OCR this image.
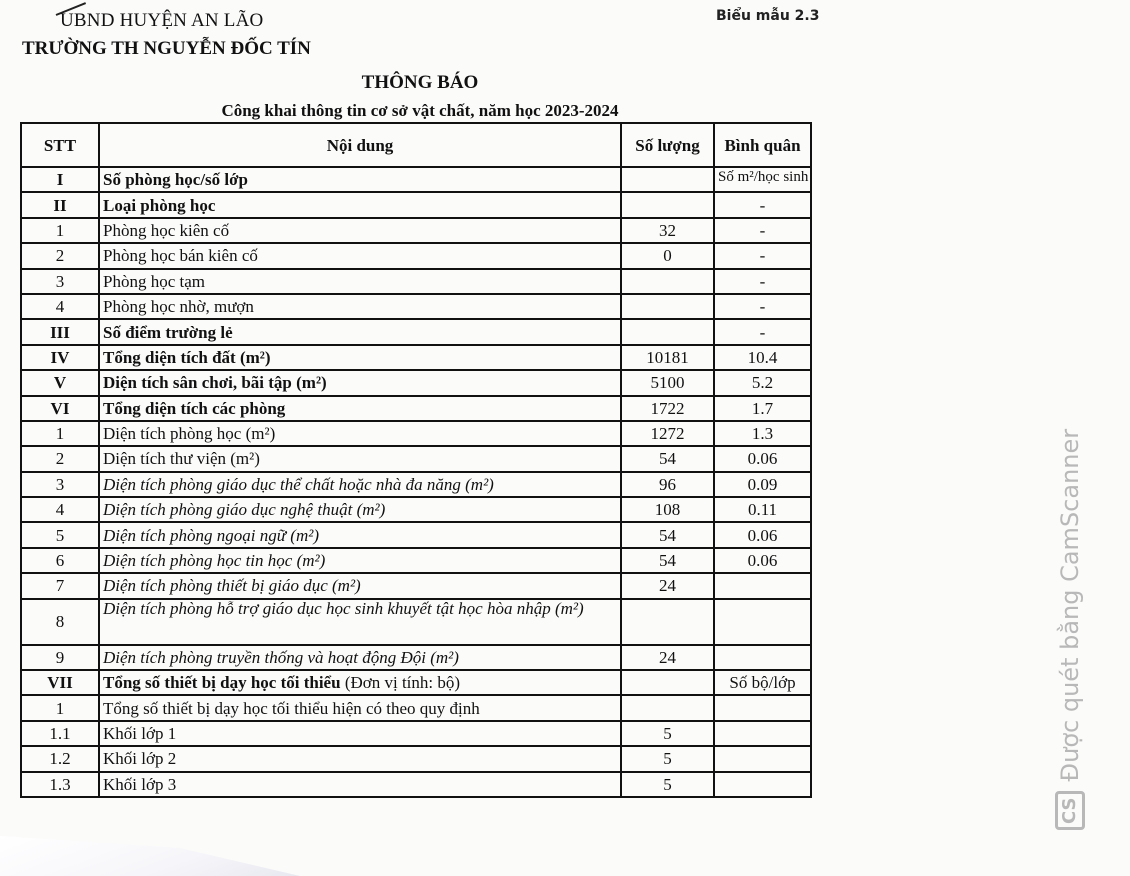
UBND HUYỆN AN LÃO
TRƯỜNG TH NGUYỄN ĐỐC TÍN
Biểu mẫu 2.3
THÔNG BÁO
Công khai thông tin cơ sở vật chất, năm học 2023-2024
STT	Nội dung	Số lượng	Bình quân
I	Số phòng học/số lớp		Số m²/học sinh
II	Loại phòng học		-
1	Phòng học kiên cố	32	-
2	Phòng học bán kiên cố	0	-
3	Phòng học tạm		-
4	Phòng học nhờ, mượn		-
III	Số điểm trường lẻ		-
IV	Tổng diện tích đất (m²)	10181	10.4
V	Diện tích sân chơi, bãi tập (m²)	5100	5.2
VI	Tổng diện tích các phòng	1722	1.7
1	Diện tích phòng học (m²)	1272	1.3
2	Diện tích thư viện (m²)	54	0.06
3	Diện tích phòng giáo dục thể chất hoặc nhà đa năng (m²)	96	0.09
4	Diện tích phòng giáo dục nghệ thuật (m²)	108	0.11
5	Diện tích phòng ngoại ngữ (m²)	54	0.06
6	Diện tích phòng học tin học (m²)	54	0.06
7	Diện tích phòng thiết bị giáo dục (m²)	24	
8	Diện tích phòng hỗ trợ giáo dục học sinh khuyết tật học hòa nhập (m²)		
9	Diện tích phòng truyền thống và hoạt động Đội (m²)	24	
VII	Tổng số thiết bị dạy học tối thiểu (Đơn vị tính: bộ)		Số bộ/lớp
1	Tổng số thiết bị dạy học tối thiểu hiện có theo quy định		
1.1	Khối lớp 1	5	
1.2	Khối lớp 2	5	
1.3	Khối lớp 3	5	
CS
Được quét bằng CamScanner
